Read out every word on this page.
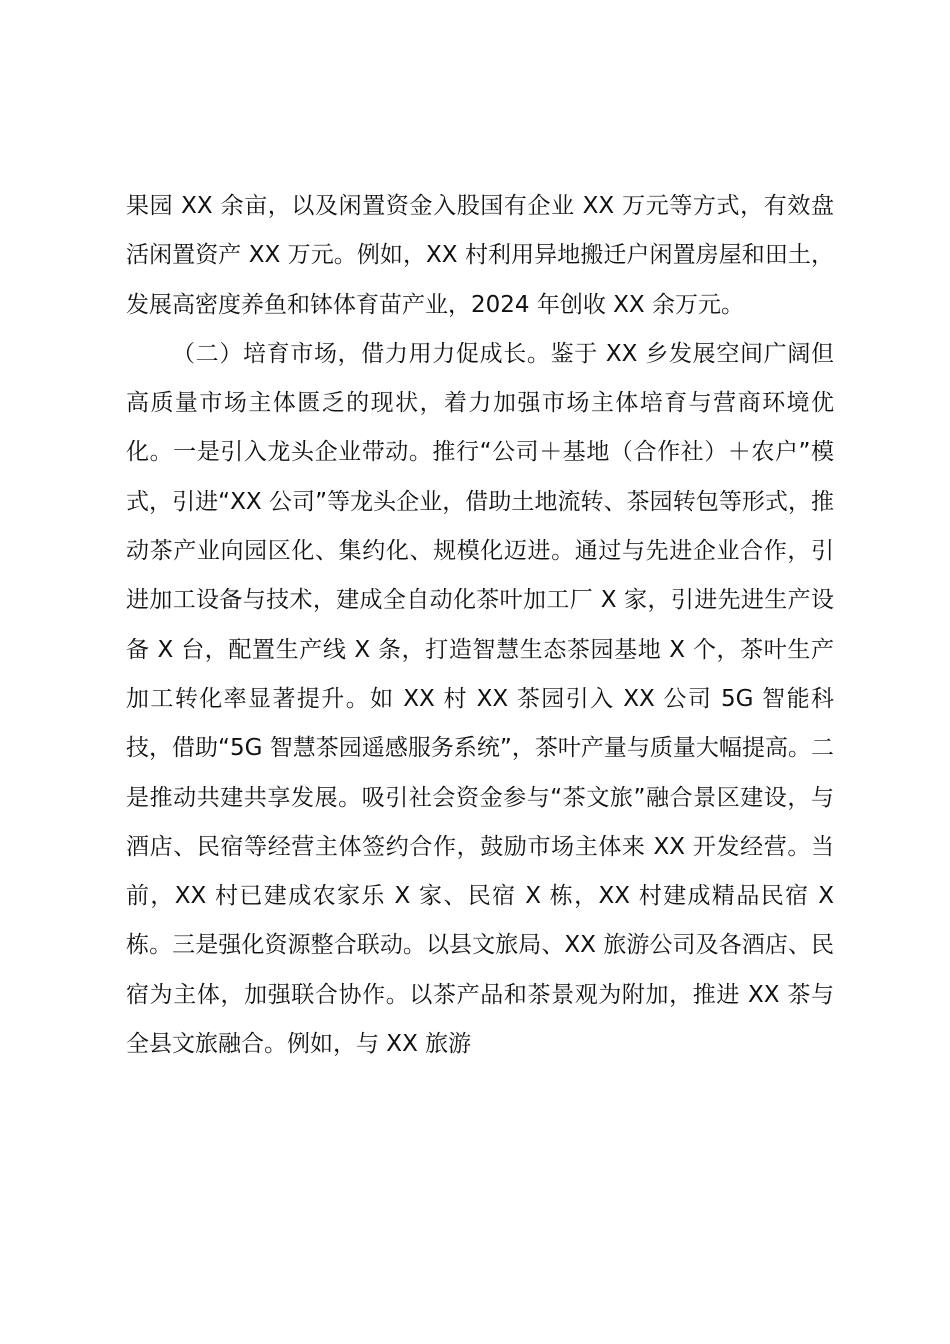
果园 XX 余亩，以及闲置资金入股国有企业 XX 万元等方式，有效盘活闲置资产 XX 万元。例如，XX 村利用异地搬迁户闲置房屋和田土，发展高密度养鱼和钵体育苗产业，2024 年创收 XX 余万元。

（二）培育市场，借力用力促成长。鉴于 XX 乡发展空间广阔但高质量市场主体匮乏的现状，着力加强市场主体培育与营商环境优化。一是引入龙头企业带动。推行“公司＋基地（合作社）＋农户”模式，引进“XX 公司”等龙头企业，借助土地流转、茶园转包等形式，推动茶产业向园区化、集约化、规模化迈进。通过与先进企业合作，引进加工设备与技术，建成全自动化茶叶加工厂 X 家，引进先进生产设备 X 台，配置生产线 X 条，打造智慧生态茶园基地 X 个，茶叶生产加工转化率显著提升。如 XX 村 XX 茶园引入 XX 公司 5G 智能科技，借助“5G 智慧茶园遥感服务系统”，茶叶产量与质量大幅提高。二是推动共建共享发展。吸引社会资金参与“茶文旅”融合景区建设，与酒店、民宿等经营主体签约合作，鼓励市场主体来 XX 开发经营。当前，XX 村已建成农家乐 X 家、民宿 X 栋，XX 村建成精品民宿 X 栋。三是强化资源整合联动。以县文旅局、XX 旅游公司及各酒店、民宿为主体，加强联合协作。以茶产品和茶景观为附加，推进 XX 茶与全县文旅融合。例如，与 XX 旅游
